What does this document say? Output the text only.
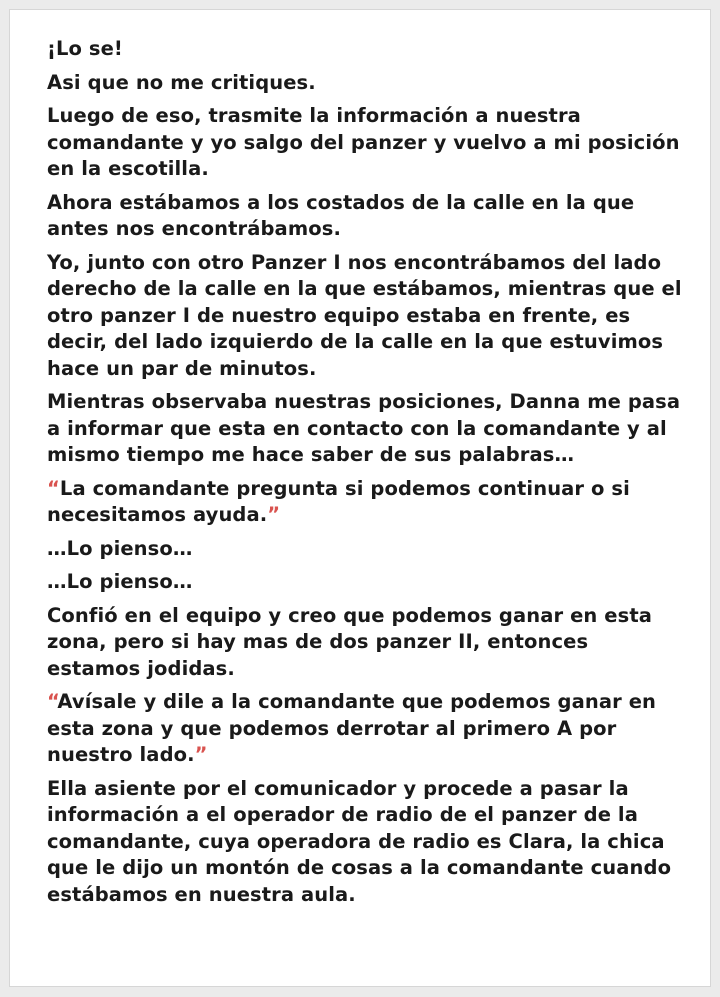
¡Lo se!

Asi que no me critiques.

Luego de eso, trasmite la información a nuestra comandante y yo salgo del panzer y vuelvo a mi posición en la escotilla.

Ahora estábamos a los costados de la calle en la que antes nos encontrábamos.

Yo, junto con otro Panzer I nos encontrábamos del lado derecho de la calle en la que estábamos, mientras que el otro panzer I de nuestro equipo estaba en frente, es decir, del lado izquierdo de la calle en la que estuvimos hace un par de minutos.

Mientras observaba nuestras posiciones, Danna me pasa a informar que esta en contacto con la comandante y al mismo tiempo me hace saber de sus palabras…

“La comandante pregunta si podemos continuar o si necesitamos ayuda.”

…Lo pienso…

…Lo pienso…

Confió en el equipo y creo que podemos ganar en esta zona, pero si hay mas de dos panzer II, entonces estamos jodidas.

“Avísale y dile a la comandante que podemos ganar en esta zona y que podemos derrotar al primero A por nuestro lado.”

Ella asiente por el comunicador y procede a pasar la información a el operador de radio de el panzer de la comandante, cuya operadora de radio es Clara, la chica que le dijo un montón de cosas a la comandante cuando estábamos en nuestra aula.
